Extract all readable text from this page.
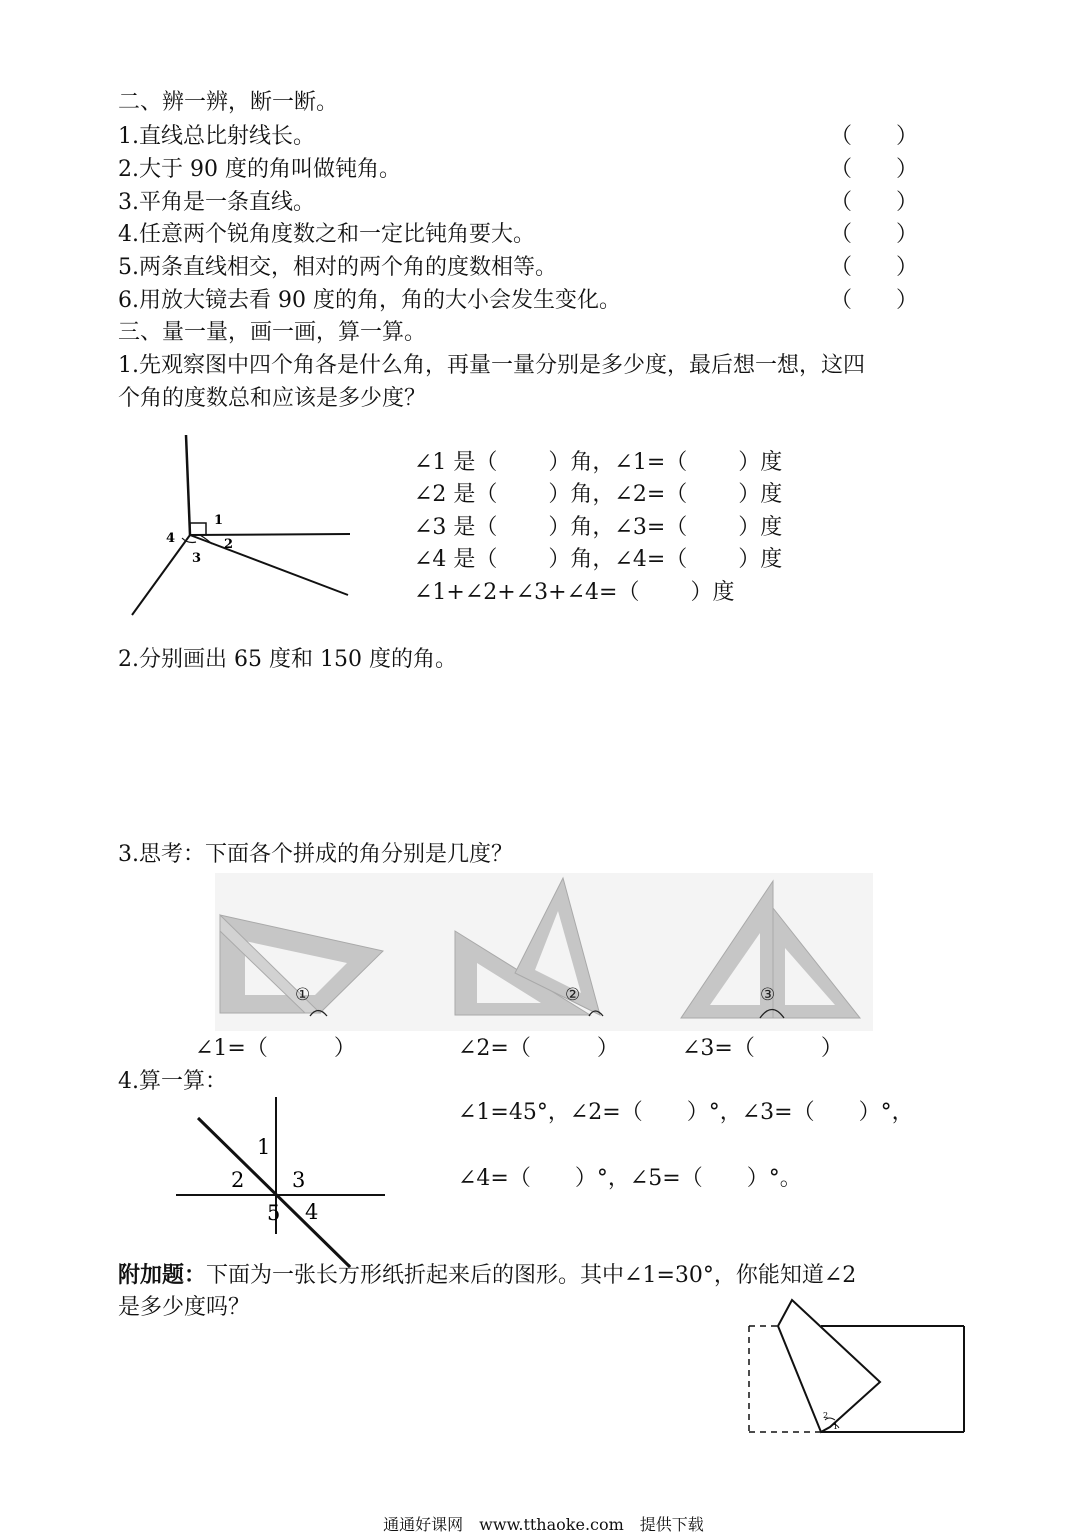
二、辨一辨，断一断。
1.直线总比射线长。	（　　）
2.大于 90 度的角叫做钝角。	（　　）
3.平角是一条直线。	（　　）
4.任意两个锐角度数之和一定比钝角要大。	（　　）
5.两条直线相交，相对的两个角的度数相等。	（　　）
6.用放大镜去看 90 度的角，角的大小会发生变化。	（　　）
三、量一量，画一画，算一算。
1.先观察图中四个角各是什么角，再量一量分别是多少度，最后想一想，这四
个角的度数总和应该是多少度？
1
2
3
4
∠1 是（　　 ）角，∠1=（　　 ）度
∠2 是（　　 ）角，∠2=（　　 ）度
∠3 是（　　 ）角，∠3=（　　 ）度
∠4 是（　　 ）角，∠4=（　　 ）度
∠1+∠2+∠3+∠4=（　　 ）度
2.分别画出 65 度和 150 度的角。
3.思考：下面各个拼成的角分别是几度？
①	②	③
∠1=（　　　）	∠2=（　　　）	∠3=（　　　）
4.算一算：
1
2 3
4
5
∠1=45°，∠2=（　　）°，∠3=（　　）°，
∠4=（　　）°，∠5=（　　）°。
附加题：下面为一张长方形纸折起来后的图形。其中∠1=30°，你能知道∠2
是多少度吗？
2
1
通通好课网　www.tthaoke.com　提供下载
